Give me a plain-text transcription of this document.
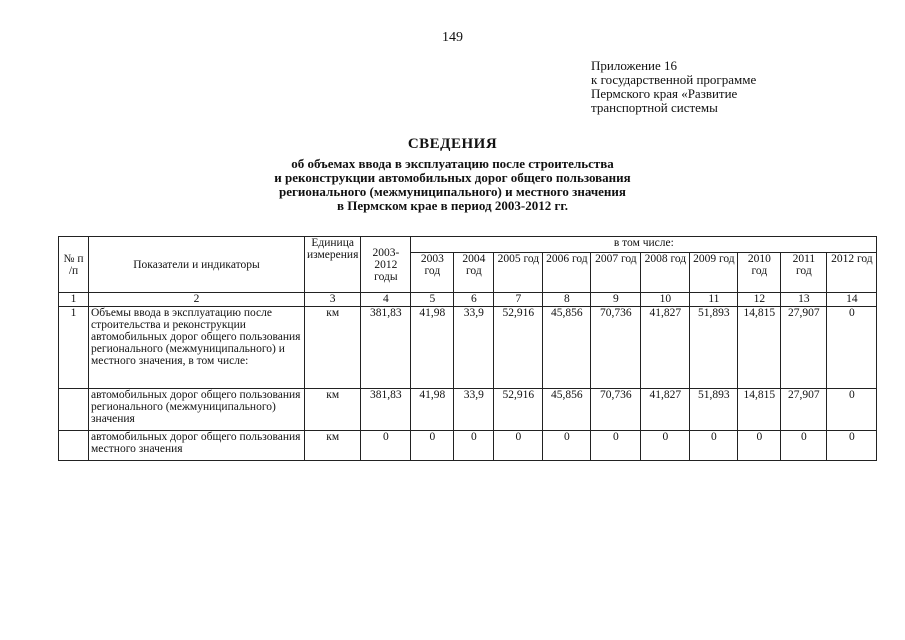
149
Приложение 16
к государственной программе
Пермского края «Развитие
транспортной системы
СВЕДЕНИЯ
об объемах ввода в эксплуатацию после строительства
и реконструкции автомобильных дорог общего пользования
регионального (межмуниципального) и местного значения
в Пермском крае в период 2003-2012 гг.
№ п /п	Показатели и индикаторы	Единица измерения	2003-2012 годы	в том числе:									
				2003 год	2004 год	2005 год	2006 год	2007 год	2008 год	2009 год	2010 год	2011 год	2012 год
1	2	3	4	5	6	7	8	9	10	11	12	13	14
1	Объемы ввода в эксплуатацию после строительства и реконструкции автомобильных дорог общего пользования регионального (межмуниципального) и местного значения, в том числе:	км	381,83	41,98	33,9	52,916	45,856	70,736	41,827	51,893	14,815	27,907	0
	автомобильных дорог общего пользования регионального (межмуниципального) значения	км	381,83	41,98	33,9	52,916	45,856	70,736	41,827	51,893	14,815	27,907	0
	автомобильных дорог общего пользования местного значения	км	0	0	0	0	0	0	0	0	0	0	0
